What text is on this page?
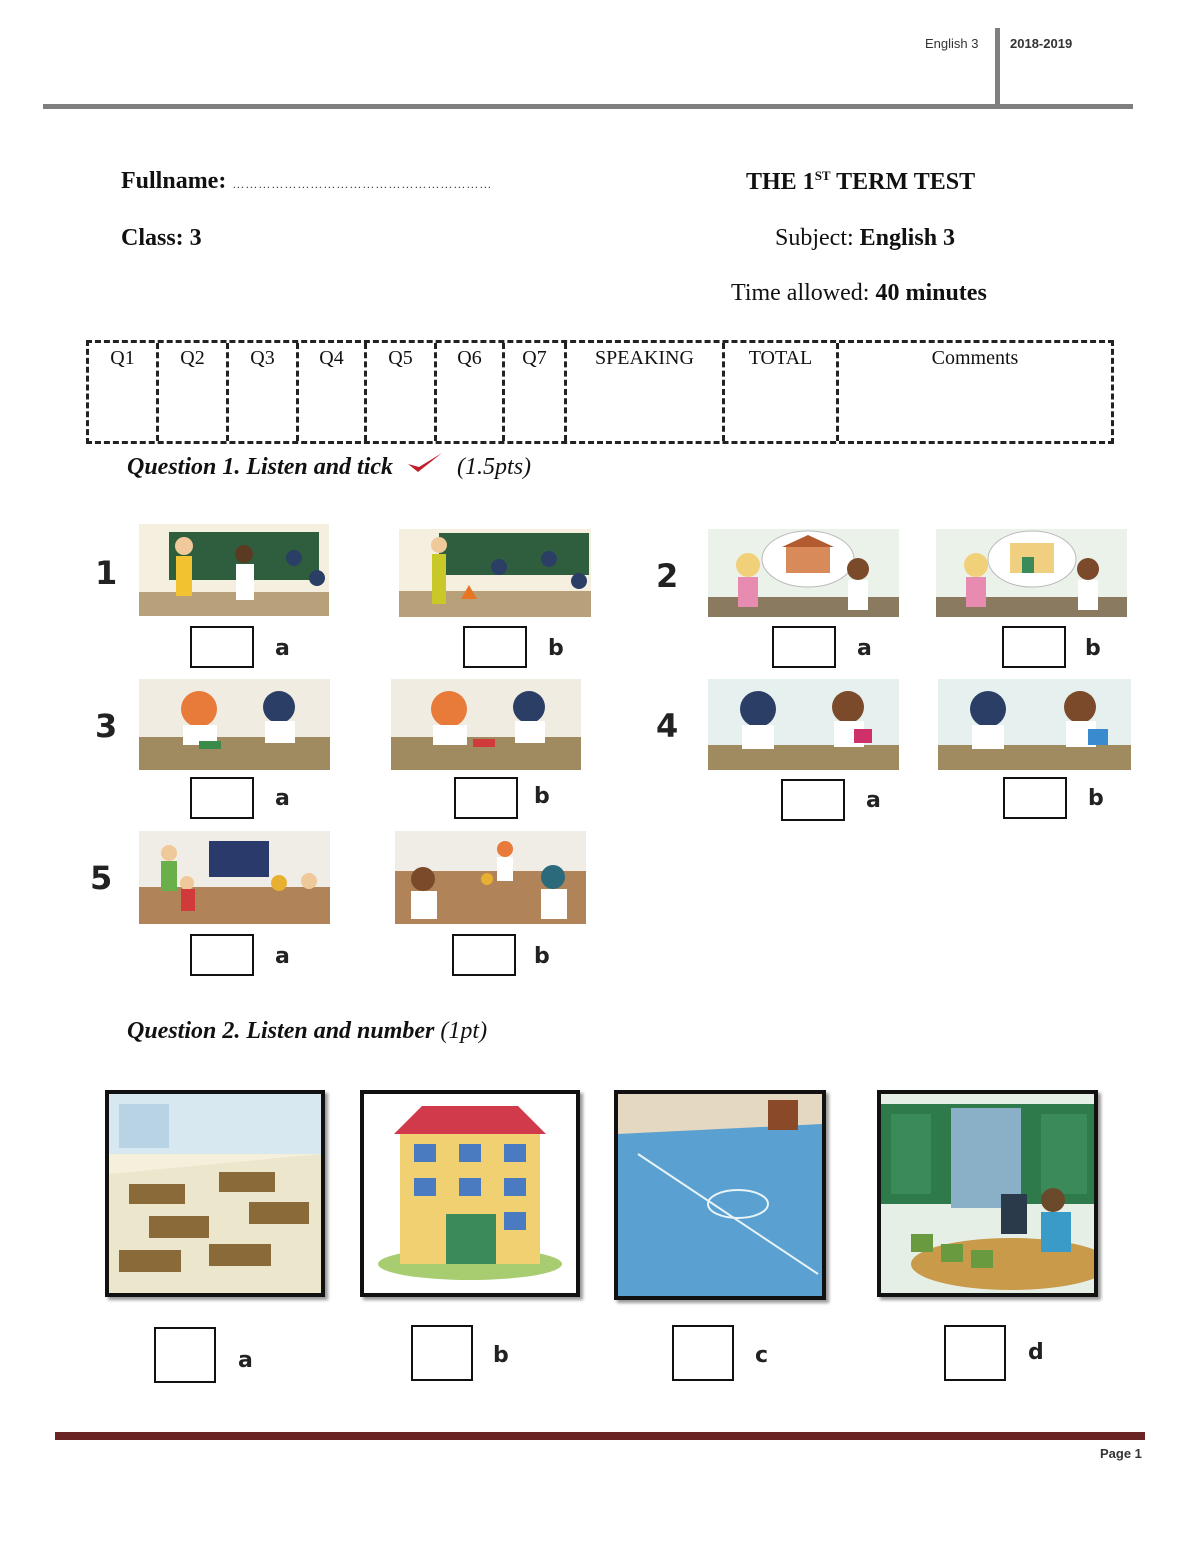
English 3 2018-2019
Fullname: ……………………………………………………	THE 1ST TERM TEST
Class: 3	Subject: English 3
Time allowed: 40 minutes
Q1	Q2	Q3	Q4	Q5	Q6	Q7	SPEAKING	TOTAL	Comments
Question 1. Listen and tick	(1.5pts)
1
a	b
2
a	b
3
a	b
4
a	b
5
a	b
Question 2. Listen and number (1pt)
a	b	c	d
Page 1
